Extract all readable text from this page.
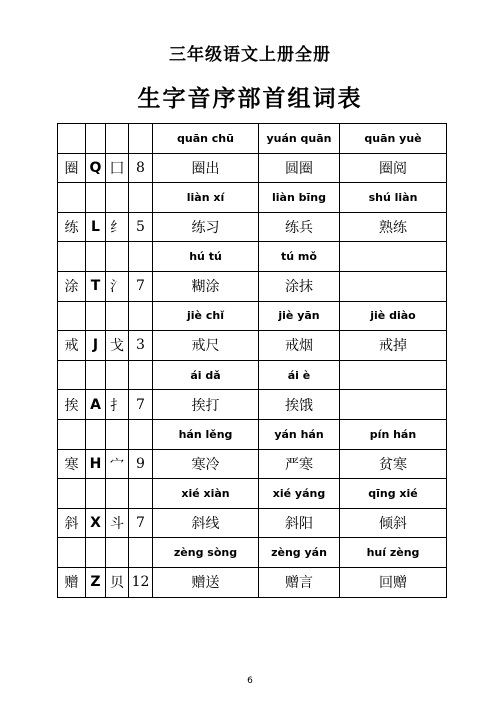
三年级语文上册全册
生字音序部首组词表
				quān chū	yuán quān	quān yuè
圈	Q	囗	8	圈出	圆圈	圈阅
				liàn xí	liàn bīng	shú liàn
练	L	纟	5	练习	练兵	熟练
				hú tú	tú mǒ	
涂	T	氵	7	糊涂	涂抹	
				jiè chǐ	jiè yān	jiè diào
戒	J	戈	3	戒尺	戒烟	戒掉
				ái dǎ	ái è	
挨	A	扌	7	挨打	挨饿	
				hán lěng	yán hán	pín hán
寒	H	宀	9	寒冷	严寒	贫寒
				xié xiàn	xié yáng	qīng xié
斜	X	斗	7	斜线	斜阳	倾斜
				zèng sòng	zèng yán	huí zèng
赠	Z	贝	12	赠送	赠言	回赠
6
